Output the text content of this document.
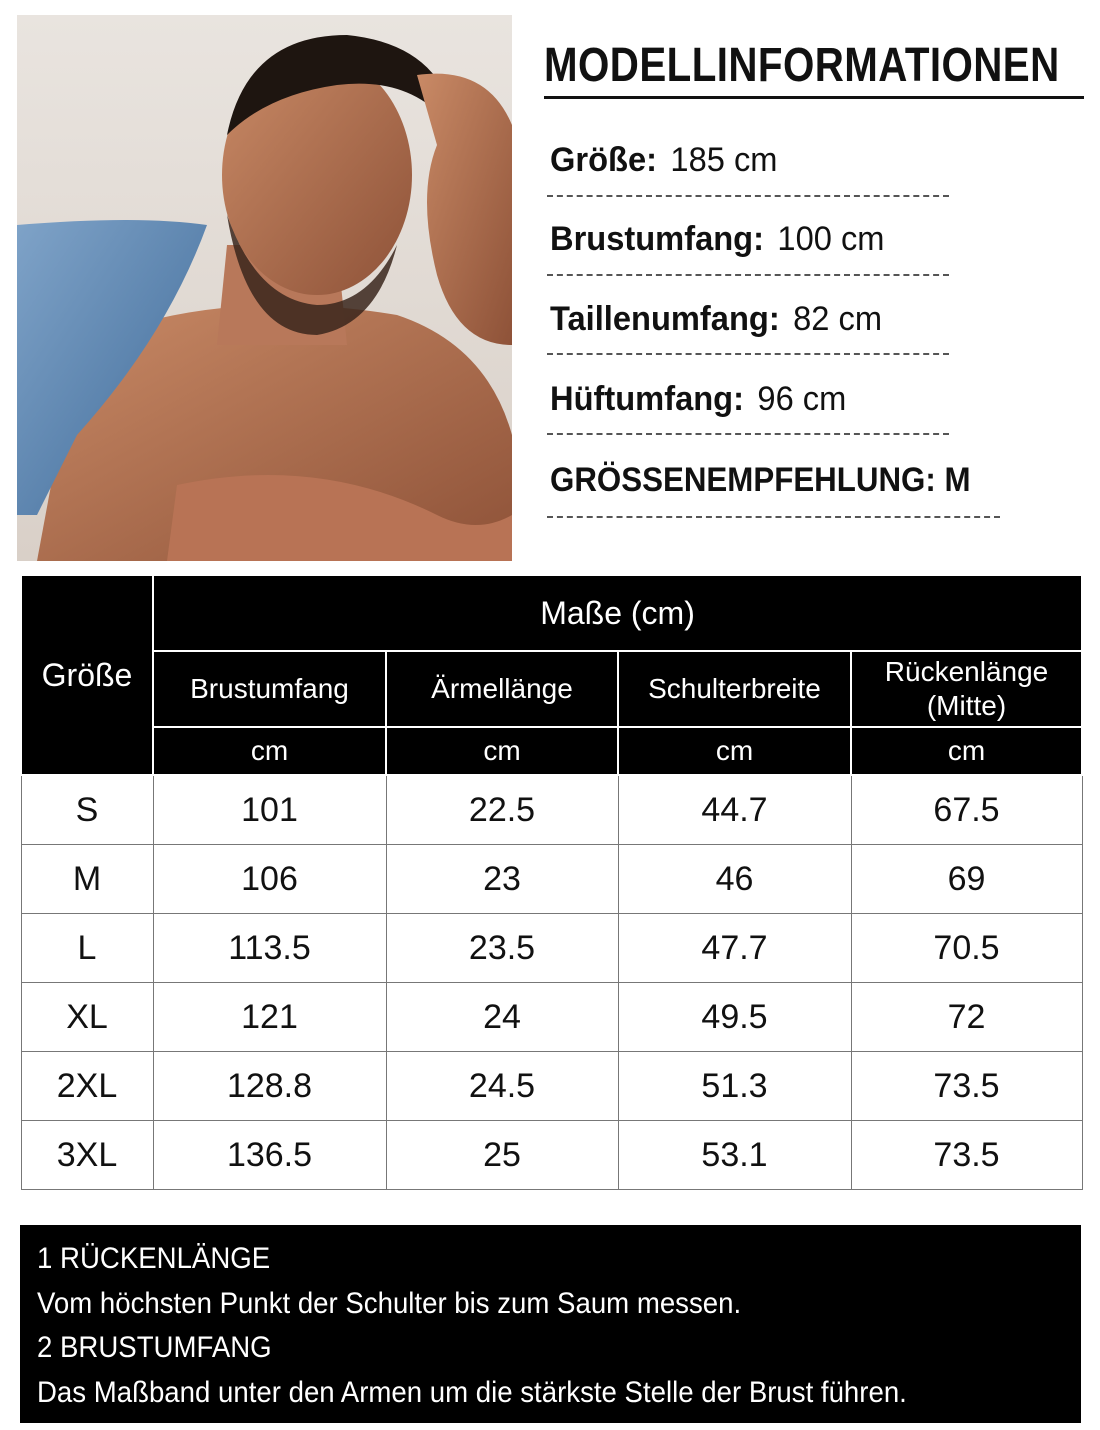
MODELLINFORMATIONEN
Größe: 185 cm
Brustumfang: 100 cm
Taillenumfang: 82 cm
Hüftumfang: 96 cm
GRÖSSENEMPFEHLUNG: M
Größe	Maße (cm)			
	Brustumfang	Ärmellänge	Schulterbreite	Rückenlänge (Mitte)
	cm	cm	cm	cm
S	101	22.5	44.7	67.5
M	106	23	46	69
L	113.5	23.5	47.7	70.5
XL	121	24	49.5	72
2XL	128.8	24.5	51.3	73.5
3XL	136.5	25	53.1	73.5
1 RÜCKENLÄNGE
Vom höchsten Punkt der Schulter bis zum Saum messen.
2 BRUSTUMFANG
Das Maßband unter den Armen um die stärkste Stelle der Brust führen.
